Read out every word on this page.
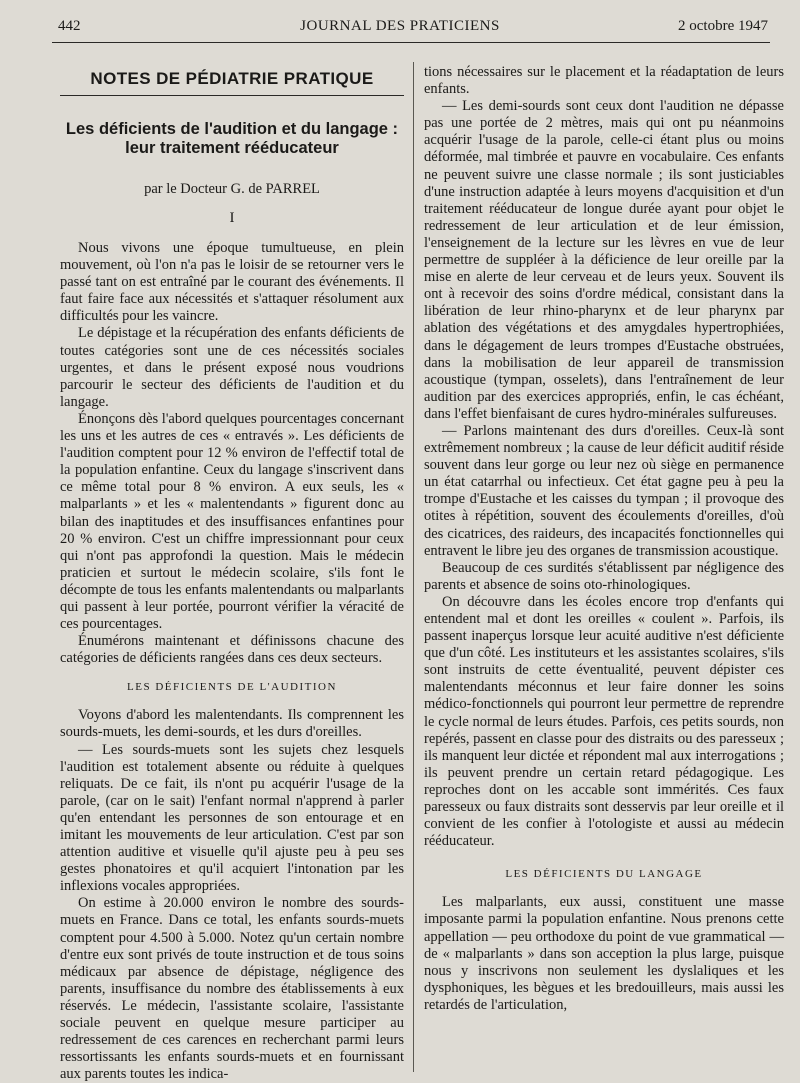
442	JOURNAL DES PRATICIENS	2 octobre 1947
NOTES DE PÉDIATRIE PRATIQUE
Les déficients de l'audition et du langage : leur traitement rééducateur
par le Docteur G. de PARREL
I

Nous vivons une époque tumultueuse, en plein mouvement, où l'on n'a pas le loisir de se retourner vers le passé tant on est entraîné par le courant des événements. Il faut faire face aux nécessités et s'attaquer résolument aux difficultés pour les vaincre.

Le dépistage et la récupération des enfants déficients de toutes catégories sont une de ces nécessités sociales urgentes, et dans le présent exposé nous voudrions parcourir le secteur des déficients de l'audition et du langage.

Énonçons dès l'abord quelques pourcentages concernant les uns et les autres de ces « entravés ». Les déficients de l'audition comptent pour 12 % environ de l'effectif total de la population enfantine. Ceux du langage s'inscrivent dans ce même total pour 8 % environ. A eux seuls, les « malparlants » et les « malentendants » figurent donc au bilan des inaptitudes et des insuffisances enfantines pour 20 % environ. C'est un chiffre impressionnant pour ceux qui n'ont pas approfondi la question. Mais le médecin praticien et surtout le médecin scolaire, s'ils font le décompte de tous les enfants malentendants ou malparlants qui passent à leur portée, pourront vérifier la véracité de ces pourcentages.

Énumérons maintenant et définissons chacune des catégories de déficients rangées dans ces deux secteurs.

LES DÉFICIENTS DE L'AUDITION

Voyons d'abord les malentendants. Ils comprennent les sourds-muets, les demi-sourds, et les durs d'oreilles.

— Les sourds-muets sont les sujets chez lesquels l'audition est totalement absente ou réduite à quelques reliquats. De ce fait, ils n'ont pu acquérir l'usage de la parole, (car on le sait) l'enfant normal n'apprend à parler qu'en entendant les personnes de son entourage et en imitant les mouvements de leur articulation. C'est par son attention auditive et visuelle qu'il ajuste peu à peu ses gestes phonatoires et qu'il acquiert l'intonation par les inflexions vocales appropriées.

On estime à 20.000 environ le nombre des sourds-muets en France. Dans ce total, les enfants sourds-muets comptent pour 4.500 à 5.000. Notez qu'un certain nombre d'entre eux sont privés de toute instruction et de tous soins médicaux par absence de dépistage, négligence des parents, insuffisance du nombre des établissements à eux réservés. Le médecin, l'assistante scolaire, l'assistante sociale peuvent en quelque mesure participer au redressement de ces carences en recherchant parmi leurs ressortissants les enfants sourds-muets et en fournissant aux parents toutes les indica-

tions nécessaires sur le placement et la réadaptation de leurs enfants.

— Les demi-sourds sont ceux dont l'audition ne dépasse pas une portée de 2 mètres, mais qui ont pu néanmoins acquérir l'usage de la parole, celle-ci étant plus ou moins déformée, mal timbrée et pauvre en vocabulaire. Ces enfants ne peuvent suivre une classe normale ; ils sont justiciables d'une instruction adaptée à leurs moyens d'acquisition et d'un traitement rééducateur de longue durée ayant pour objet le redressement de leur articulation et de leur émission, l'enseignement de la lecture sur les lèvres en vue de leur permettre de suppléer à la déficience de leur oreille par la mise en alerte de leur cerveau et de leurs yeux. Souvent ils ont à recevoir des soins d'ordre médical, consistant dans la libération de leur rhino-pharynx et de leur pharynx par ablation des végétations et des amygdales hypertrophiées, dans le dégagement de leurs trompes d'Eustache obstruées, dans la mobilisation de leur appareil de transmission acoustique (tympan, osselets), dans l'entraînement de leur audition par des exercices appropriés, enfin, le cas échéant, dans l'effet bienfaisant de cures hydro-minérales sulfureuses.

— Parlons maintenant des durs d'oreilles. Ceux-là sont extrêmement nombreux ; la cause de leur déficit auditif réside souvent dans leur gorge ou leur nez où siège en permanence un état catarrhal ou infectieux. Cet état gagne peu à peu la trompe d'Eustache et les caisses du tympan ; il provoque des otites à répétition, souvent des écoulements d'oreilles, d'où des cicatrices, des raideurs, des incapacités fonctionnelles qui entravent le libre jeu des organes de transmission acoustique.

Beaucoup de ces surdités s'établissent par négligence des parents et absence de soins oto-rhinologiques.

On découvre dans les écoles encore trop d'enfants qui entendent mal et dont les oreilles « coulent ». Parfois, ils passent inaperçus lorsque leur acuité auditive n'est déficiente que d'un côté. Les instituteurs et les assistantes scolaires, s'ils sont instruits de cette éventualité, peuvent dépister ces malentendants méconnus et leur faire donner les soins médico-fonctionnels qui pourront leur permettre de reprendre le cycle normal de leurs études. Parfois, ces petits sourds, non repérés, passent en classe pour des distraits ou des paresseux ; ils manquent leur dictée et répondent mal aux interrogations ; ils peuvent prendre un certain retard pédagogique. Les reproches dont on les accable sont immérités. Ces faux paresseux ou faux distraits sont desservis par leur oreille et il convient de les confier à l'otologiste et aussi au médecin rééducateur.

LES DÉFICIENTS DU LANGAGE

Les malparlants, eux aussi, constituent une masse imposante parmi la population enfantine. Nous prenons cette appellation — peu orthodoxe du point de vue grammatical — de « malparlants » dans son acception la plus large, puisque nous y inscrivons non seulement les dyslaliques et les dysphoniques, les bègues et les bredouilleurs, mais aussi les retardés de l'articulation,
